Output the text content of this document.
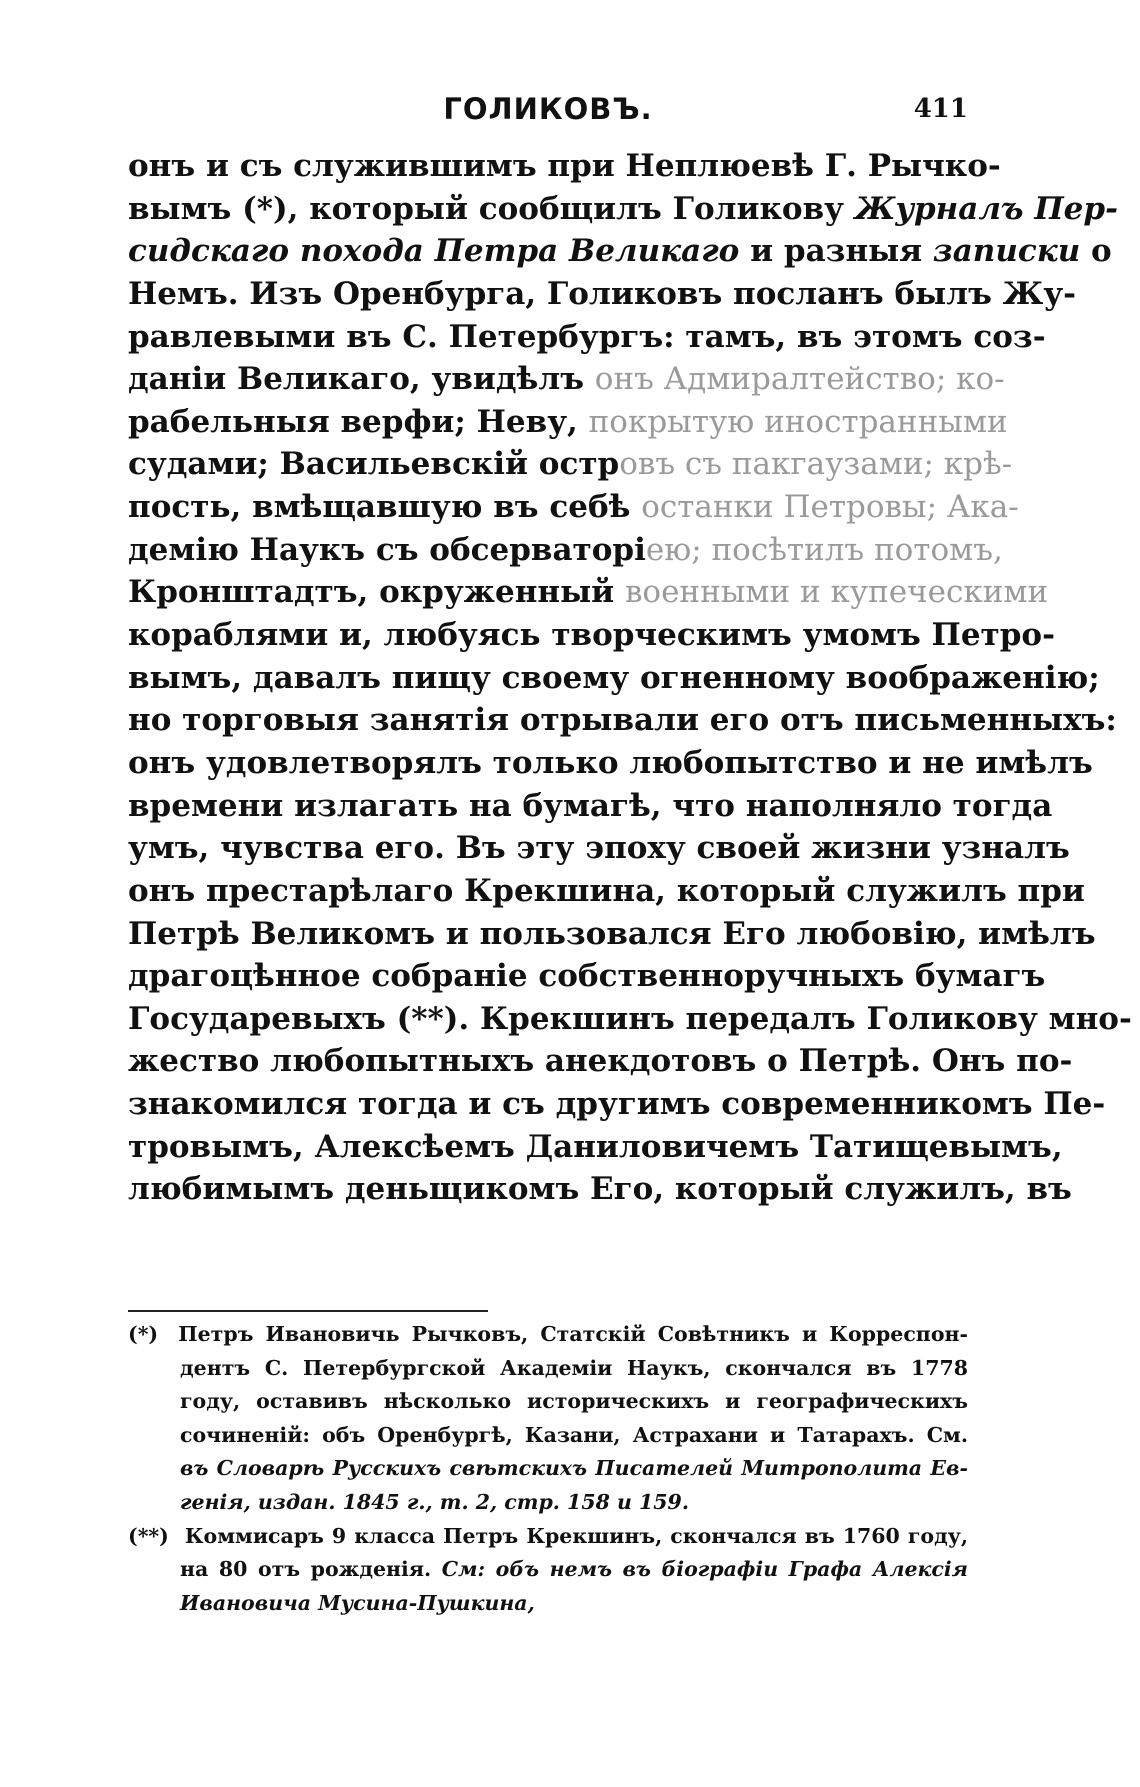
ГОЛИКОВЪ.	411
онъ и съ служившимъ при Неплюевѣ Г. Рычко-
вымъ (*), который сообщилъ Голикову Журналъ Пер-
сидскаго похода Петра Великаго и разныя записки о
Немъ. Изъ Оренбурга, Голиковъ посланъ былъ Жу-
равлевыми въ С. Петербургъ: тамъ, въ этомъ соз-
даніи Великаго, увидѣлъ онъ Адмиралтейство; ко-
рабельныя верфи; Неву, покрытую иностранными
судами; Васильевскій островъ съ пакгаузами; крѣ-
пость, вмѣщавшую въ себѣ останки Петровы; Ака-
демію Наукъ съ обсерваторіею; посѣтилъ потомъ,
Кронштадтъ, окруженный военными и купеческими
кораблями и, любуясь творческимъ умомъ Петро-
вымъ, давалъ пищу своему огненному воображенію;
но торговыя занятія отрывали его отъ письменныхъ:
онъ удовлетворялъ только любопытство и не имѣлъ
времени излагать на бумагѣ, что наполняло тогда
умъ, чувства его. Въ эту эпоху своей жизни узналъ
онъ престарѣлаго Крекшина, который служилъ при
Петрѣ Великомъ и пользовался Его любовію, имѣлъ
драгоцѣнное собраніе собственноручныхъ бумагъ
Государевыхъ (**). Крекшинъ передалъ Голикову мно-
жество любопытныхъ анекдотовъ о Петрѣ. Онъ по-
знакомился тогда и съ другимъ современникомъ Пе-
тровымъ, Алексѣемъ Даниловичемъ Татищевымъ,
любимымъ деньщикомъ Его, который служилъ, въ
(*) Петръ Ивановичь Рычковъ, Статскій Совѣтникъ и Корреспон-
дентъ С. Петербургской Академіи Наукъ, скончался въ 1778
году, оставивъ нѣсколько историческихъ и географическихъ
сочиненій: объ Оренбургѣ, Казани, Астрахани и Татарахъ. См.
въ Словарѣ Русскихъ свѣтскихъ Писателей Митрополита Ев-
генія, издан. 1845 г., т. 2, стр. 158 и 159.
(**) Коммисаръ 9 класса Петръ Крекшинъ, скончался въ 1760 году,
на 80 отъ рожденія. См: объ немъ въ біографіи Графа Алексія
Ивановича Мусина-Пушкина,
